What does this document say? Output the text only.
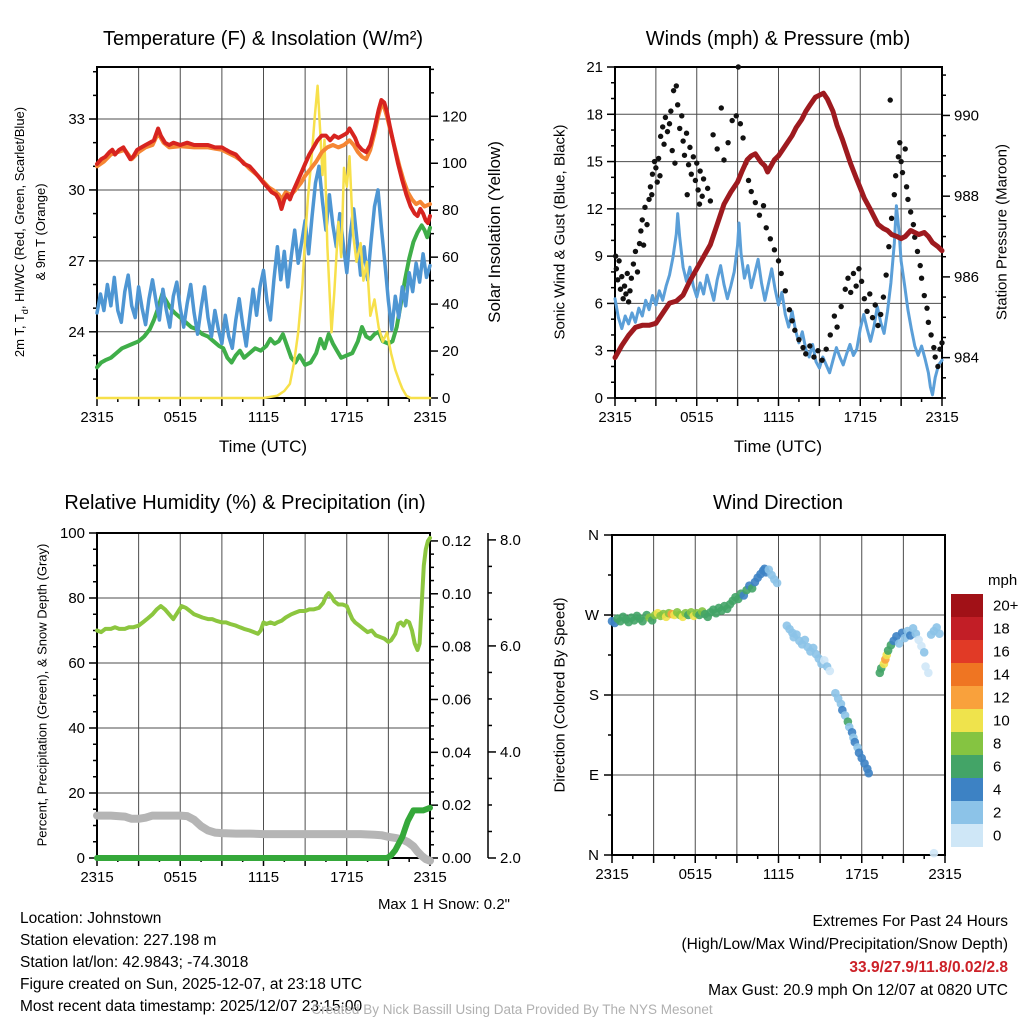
2315	0515	1115	1715	2315
24
27
30
33
0
20
40
60
80
100
120
2315	0515	1115	1715	2315
0
3
6
9
12
15
18
21
984
986
988
990
2315	0515	1115	1715	2315
0
20
40
60
80
100
0.00
0.02
0.04
0.06
0.08
0.10
0.12
2.0
4.0
6.0
8.0
2315	0515	1115	1715	2315
N
W
S
E
N
20+
18
16
14
12
10
8
6
4
2
0
Temperature (F) & Insolation (W/m²)	Winds (mph) & Pressure (mb)
Relative Humidity (%) & Precipitation (in)	Wind Direction
2m T, $T_d$, HI/WC (Red, Green, Scarlet/Blue) & 9m T (Orange)	Solar Insolation (Yellow)	Sonic Wind & Gust (Blue, Black)	Station Pressure (Maroon)
Percent, Precipitation (Green), & Snow Depth (Gray)	Direction (Colored By Speed)
Time (UTC)	Time (UTC)
mph
Max 1 H Snow: 0.2"
Location: Johnstown
Station elevation: 227.198 m
Station lat/lon: 42.9843; -74.3018
Figure created on Sun, 2025-12-07, at 23:18 UTC
Most recent data timestamp: 2025/12/07 23:15:00
Extremes For Past 24 Hours
(High/Low/Max Wind/Precipitation/Snow Depth)
33.9/27.9/11.8/0.02/2.8
Max Gust: 20.9 mph On 12/07 at 0820 UTC
Created By Nick Bassill Using Data Provided By The NYS Mesonet
